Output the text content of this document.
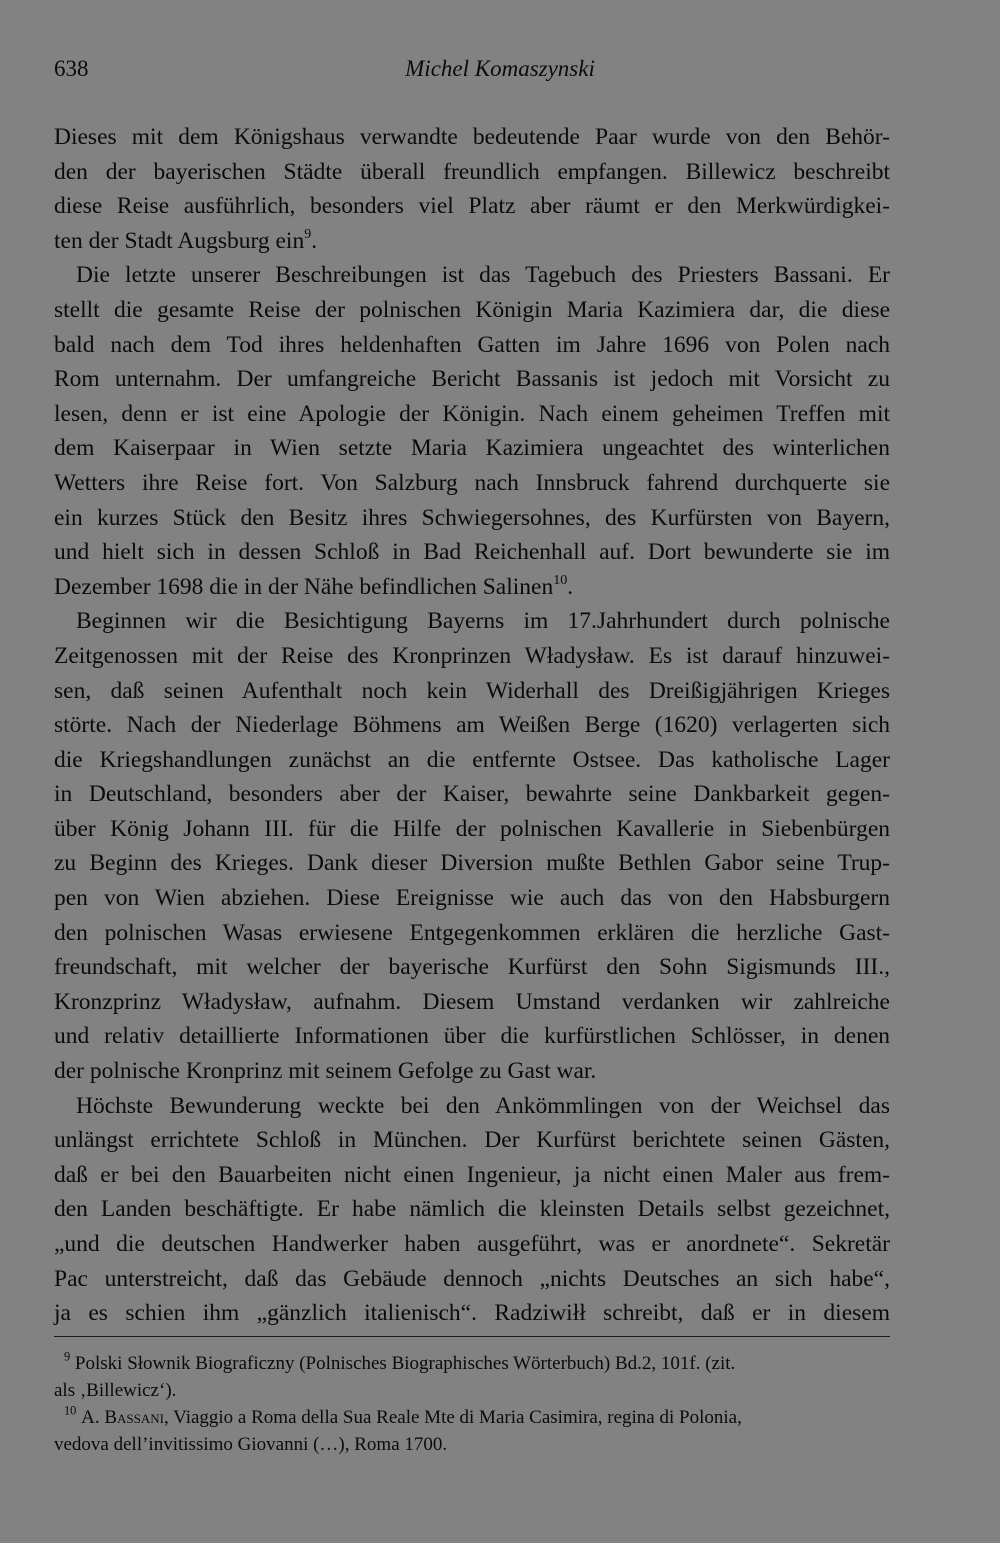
638	Michel Komaszynski
Dieses mit dem Königshaus verwandte bedeutende Paar wurde von den Behör-
den der bayerischen Städte überall freundlich empfangen. Billewicz beschreibt
diese Reise ausführlich, besonders viel Platz aber räumt er den Merkwürdigkei-
ten der Stadt Augsburg ein$^9$.
Die letzte unserer Beschreibungen ist das Tagebuch des Priesters Bassani. Er
stellt die gesamte Reise der polnischen Königin Maria Kazimiera dar, die diese
bald nach dem Tod ihres heldenhaften Gatten im Jahre 1696 von Polen nach
Rom unternahm. Der umfangreiche Bericht Bassanis ist jedoch mit Vorsicht zu
lesen, denn er ist eine Apologie der Königin. Nach einem geheimen Treffen mit
dem Kaiserpaar in Wien setzte Maria Kazimiera ungeachtet des winterlichen
Wetters ihre Reise fort. Von Salzburg nach Innsbruck fahrend durchquerte sie
ein kurzes Stück den Besitz ihres Schwiegersohnes, des Kurfürsten von Bayern,
und hielt sich in dessen Schloß in Bad Reichenhall auf. Dort bewunderte sie im
Dezember 1698 die in der Nähe befindlichen Salinen$^{10}$.
Beginnen wir die Besichtigung Bayerns im 17.Jahrhundert durch polnische
Zeitgenossen mit der Reise des Kronprinzen Władysław. Es ist darauf hinzuwei-
sen, daß seinen Aufenthalt noch kein Widerhall des Dreißigjährigen Krieges
störte. Nach der Niederlage Böhmens am Weißen Berge (1620) verlagerten sich
die Kriegshandlungen zunächst an die entfernte Ostsee. Das katholische Lager
in Deutschland, besonders aber der Kaiser, bewahrte seine Dankbarkeit gegen-
über König Johann III. für die Hilfe der polnischen Kavallerie in Siebenbürgen
zu Beginn des Krieges. Dank dieser Diversion mußte Bethlen Gabor seine Trup-
pen von Wien abziehen. Diese Ereignisse wie auch das von den Habsburgern
den polnischen Wasas erwiesene Entgegenkommen erklären die herzliche Gast-
freundschaft, mit welcher der bayerische Kurfürst den Sohn Sigismunds III.,
Kronzprinz Władysław, aufnahm. Diesem Umstand verdanken wir zahlreiche
und relativ detaillierte Informationen über die kurfürstlichen Schlösser, in denen
der polnische Kronprinz mit seinem Gefolge zu Gast war.
Höchste Bewunderung weckte bei den Ankömmlingen von der Weichsel das
unlängst errichtete Schloß in München. Der Kurfürst berichtete seinen Gästen,
daß er bei den Bauarbeiten nicht einen Ingenieur, ja nicht einen Maler aus frem-
den Landen beschäftigte. Er habe nämlich die kleinsten Details selbst gezeichnet,
„und die deutschen Handwerker haben ausgeführt, was er anordnete“. Sekretär
Pac unterstreicht, daß das Gebäude dennoch „nichts Deutsches an sich habe“,
ja es schien ihm „gänzlich italienisch“. Radziwiłł schreibt, daß er in diesem
$^9$ Polski Słownik Biograficzny (Polnisches Biographisches Wörterbuch) Bd.2, 101f. (zit.
als ‚Billewicz‘).
$^{10}$ A. Bassani, Viaggio a Roma della Sua Reale Mte di Maria Casimira, regina di Polonia,
vedova dell’invitissimo Giovanni (…), Roma 1700.
